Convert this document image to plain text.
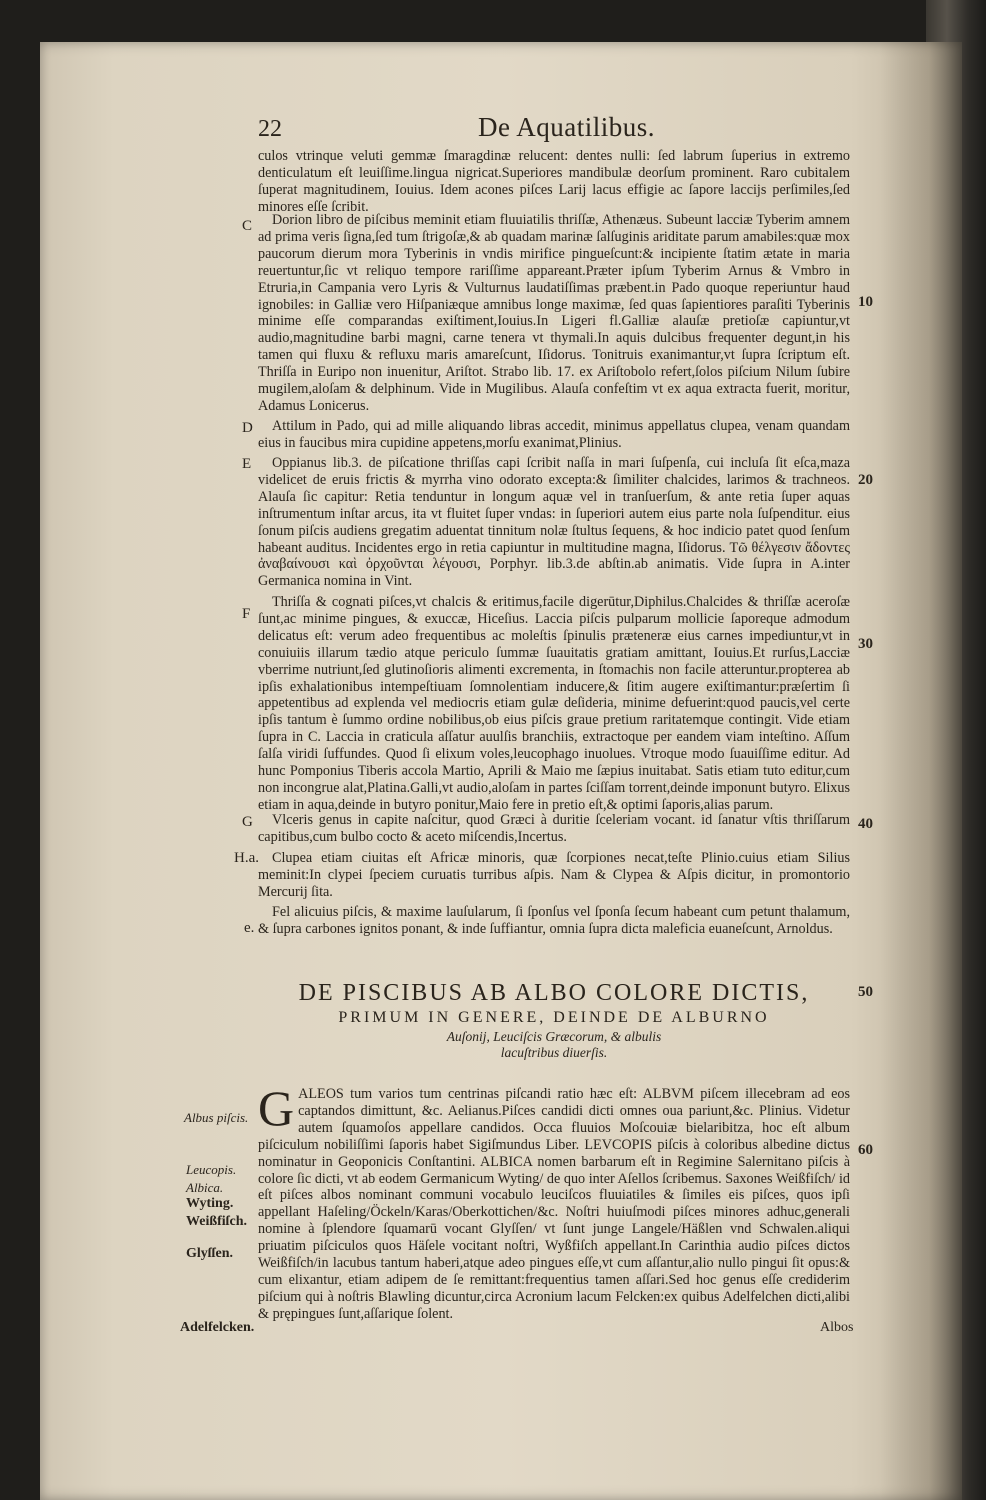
22	De Aquatilibus.

culos vtrinque veluti gemmæ ſmaragdinæ relucent: dentes nulli: ſed labrum ſuperius in extremo denticulatum eſt leuiſſime.lingua nigricat.Superiores mandibulæ deorſum prominent. Raro cubitalem ſuperat magnitudinem, Iouius. Idem acones piſces Larij lacus effigie ac ſapore laccijs perſimiles,ſed minores eſſe ſcribit.

C	Dorion libro de piſcibus meminit etiam fluuiatilis thriſſæ, Athenæus. Subeunt lacciæ Tyberim amnem ad prima veris ſigna,ſed tum ſtrigoſæ,& ab quadam marinæ ſalſuginis ariditate parum amabiles:quæ mox paucorum dierum mora Tyberinis in vndis mirifice pingueſcunt:& incipiente ſtatim ætate in maria reuertuntur,ſic vt reliquo tempore rariſſime appareant.Præter ipſum Tyberim Arnus & Vmbro in Etruria,in Campania vero Lyris & Vulturnus laudatiſſimas præbent.in Pado quoque reperiuntur haud ignobiles: in Galliæ vero Hiſpaniæque amnibus longe maximæ, ſed quas ſapientiores paraſiti Tyberinis minime eſſe comparandas exiſtiment,Iouius.In Ligeri fl.Galliæ alauſæ pretioſæ capiuntur,vt audio,magnitudine barbi magni, carne tenera vt thymali.In aquis dulcibus frequenter degunt,in his tamen qui fluxu & refluxu maris amareſcunt, Iſidorus. Tonitruis exanimantur,vt ſupra ſcriptum eſt. Thriſſa in Euripo non inuenitur, Ariſtot. Strabo lib. 17. ex Ariſtobolo refert,ſolos piſcium Nilum ſubire mugilem,aloſam & delphinum. Vide in Mugilibus. Alauſa confeſtim vt ex aqua extracta fuerit, moritur, Adamus Lonicerus.

D	Attilum in Pado, qui ad mille aliquando libras accedit, minimus appellatus clupea, venam quandam eius in faucibus mira cupidine appetens,morſu exanimat,Plinius.

E	Oppianus lib.3. de piſcatione thriſſas capi ſcribit naſſa in mari ſuſpenſa, cui incluſa ſit eſca,maza videlicet de eruis frictis & myrrha vino odorato excepta:& ſimiliter chalcides, larimos & trachneos. Alauſa ſic capitur: Retia tenduntur in longum aquæ vel in tranſuerſum, & ante retia ſuper aquas inſtrumentum inſtar arcus, ita vt fluitet ſuper vndas: in ſuperiori autem eius parte nola ſuſpenditur. eius ſonum piſcis audiens gregatim aduentat tinnitum nolæ ſtultus ſequens, & hoc indicio patet quod ſenſum habeant auditus. Incidentes ergo in retia capiuntur in multitudine magna, Iſidorus. Τῶ θέλγεσιν ἄδοντες ἀναβαίνουσι καὶ ὀρχοῦνται λέγουσι, Porphyr. lib.3.de abſtin.ab animatis. Vide ſupra in A.inter Germanica nomina in Vint.

F

Thriſſa & cognati piſces,vt chalcis & eritimus,facile digerūtur,Diphilus.Chalcides & thriſſæ aceroſæ ſunt,ac minime pingues, & exuccæ, Hiceſius. Laccia piſcis pulparum mollicie ſaporeque admodum delicatus eſt: verum adeo frequentibus ac moleſtis ſpinulis præteneræ eius carnes impediuntur,vt in conuiuiis illarum tædio atque periculo ſummæ ſuauitatis gratiam amittant, Iouius.Et rurſus,Lacciæ vberrime nutriunt,ſed glutinoſioris alimenti excrementa, in ſtomachis non facile atteruntur.propterea ab ipſis exhalationibus intempeſtiuam ſomnolentiam inducere,& ſitim augere exiſtimantur:præſertim ſi appetentibus ad explenda vel mediocris etiam gulæ deſideria, minime defuerint:quod paucis,vel certe ipſis tantum è ſummo ordine nobilibus,ob eius piſcis graue pretium raritatemque contingit. Vide etiam ſupra in C. Laccia in craticula aſſatur auulſis branchiis, extractoque per eandem viam inteſtino. Aſſum ſalſa viridi ſuffundes. Quod ſi elixum voles,leucophago inuolues. Vtroque modo ſuauiſſime editur. Ad hunc Pomponius Tiberis accola Martio, Aprili & Maio me ſæpius inuitabat. Satis etiam tuto editur,cum non incongrue alat,Platina.Galli,vt audio,aloſam in partes ſciſſam torrent,deinde imponunt butyro. Elixus etiam in aqua,deinde in butyro ponitur,Maio fere in pretio eſt,& optimi ſaporis,alias parum.

G	Vlceris genus in capite naſcitur, quod Græci à duritie ſceleriam vocant. id ſanatur vſtis thriſſarum capitibus,cum bulbo cocto & aceto miſcendis,Incertus.

H.a. Clupea etiam ciuitas eſt Africæ minoris, quæ ſcorpiones necat,teſte Plinio.cuius etiam Silius meminit:In clypei ſpeciem curuatis turribus aſpis. Nam & Clypea & Aſpis dicitur, in promontorio Mercurij ſita.

e.

Fel alicuius piſcis, & maxime lauſularum, ſi ſponſus vel ſponſa ſecum habeant cum petunt thalamum, & ſupra carbones ignitos ponant, & inde ſuffiantur, omnia ſupra dicta maleficia euaneſcunt, Arnoldus.

10
20
30
40
50
60
DE PISCIBUS AB ALBO COLORE DICTIS,
PRIMUM IN GENERE, DEINDE DE ALBURNO
Auſonij, Leuciſcis Græcorum, & albulis lacuſtribus diuerſis.
G ALEOS tum varios tum centrinas piſcandi ratio hæc eſt: ALBVM piſcem illecebram ad eos captandos dimittunt, &c. Aelianus.Piſces candidi dicti omnes oua pariunt,&c. Plinius. Videtur autem ſquamoſos appellare candidos. Occa fluuios Moſcouiæ bielaribitza, hoc eſt album piſciculum nobiliſſimi ſaporis habet Sigiſmundus Liber. LEVCOPIS piſcis à coloribus albedine dictus nominatur in Geoponicis Conſtantini. ALBICA nomen barbarum eſt in Regimine Salernitano piſcis à colore ſic dicti, vt ab eodem Germanicum Wyting/ de quo inter Aſellos ſcribemus. Saxones Weißfiſch/ id eſt piſces albos nominant communi vocabulo leuciſcos fluuiatiles & ſimiles eis piſces, quos ipſi appellant Haſeling/Öckeln/Karas/Oberkottichen/&c. Noſtri huiuſmodi piſces minores adhuc,generali nomine à ſplendore ſquamarū vocant Glyſſen/ vt ſunt junge Langele/Häßlen vnd Schwalen.aliqui priuatim piſciculos quos Häſele vocitant noſtri, Wyßfiſch appellant.In Carinthia audio piſces dictos Weißfiſch/in lacubus tantum haberi,atque adeo pingues eſſe,vt cum aſſantur,alio nullo pingui ſit opus:& cum elixantur, etiam adipem de ſe remittant:frequentius tamen aſſari.Sed hoc genus eſſe crediderim piſcium qui à noſtris Blawling dicuntur,circa Acronium lacum Felcken:ex quibus Adelfelchen dicti,alibi & prępingues ſunt,aſſarique ſolent.

Albus piſcis.
Leucopis.
Albica.
Wyting.
Weißfiſch.
Glyſſen.
Adelfelcken.	Albos
